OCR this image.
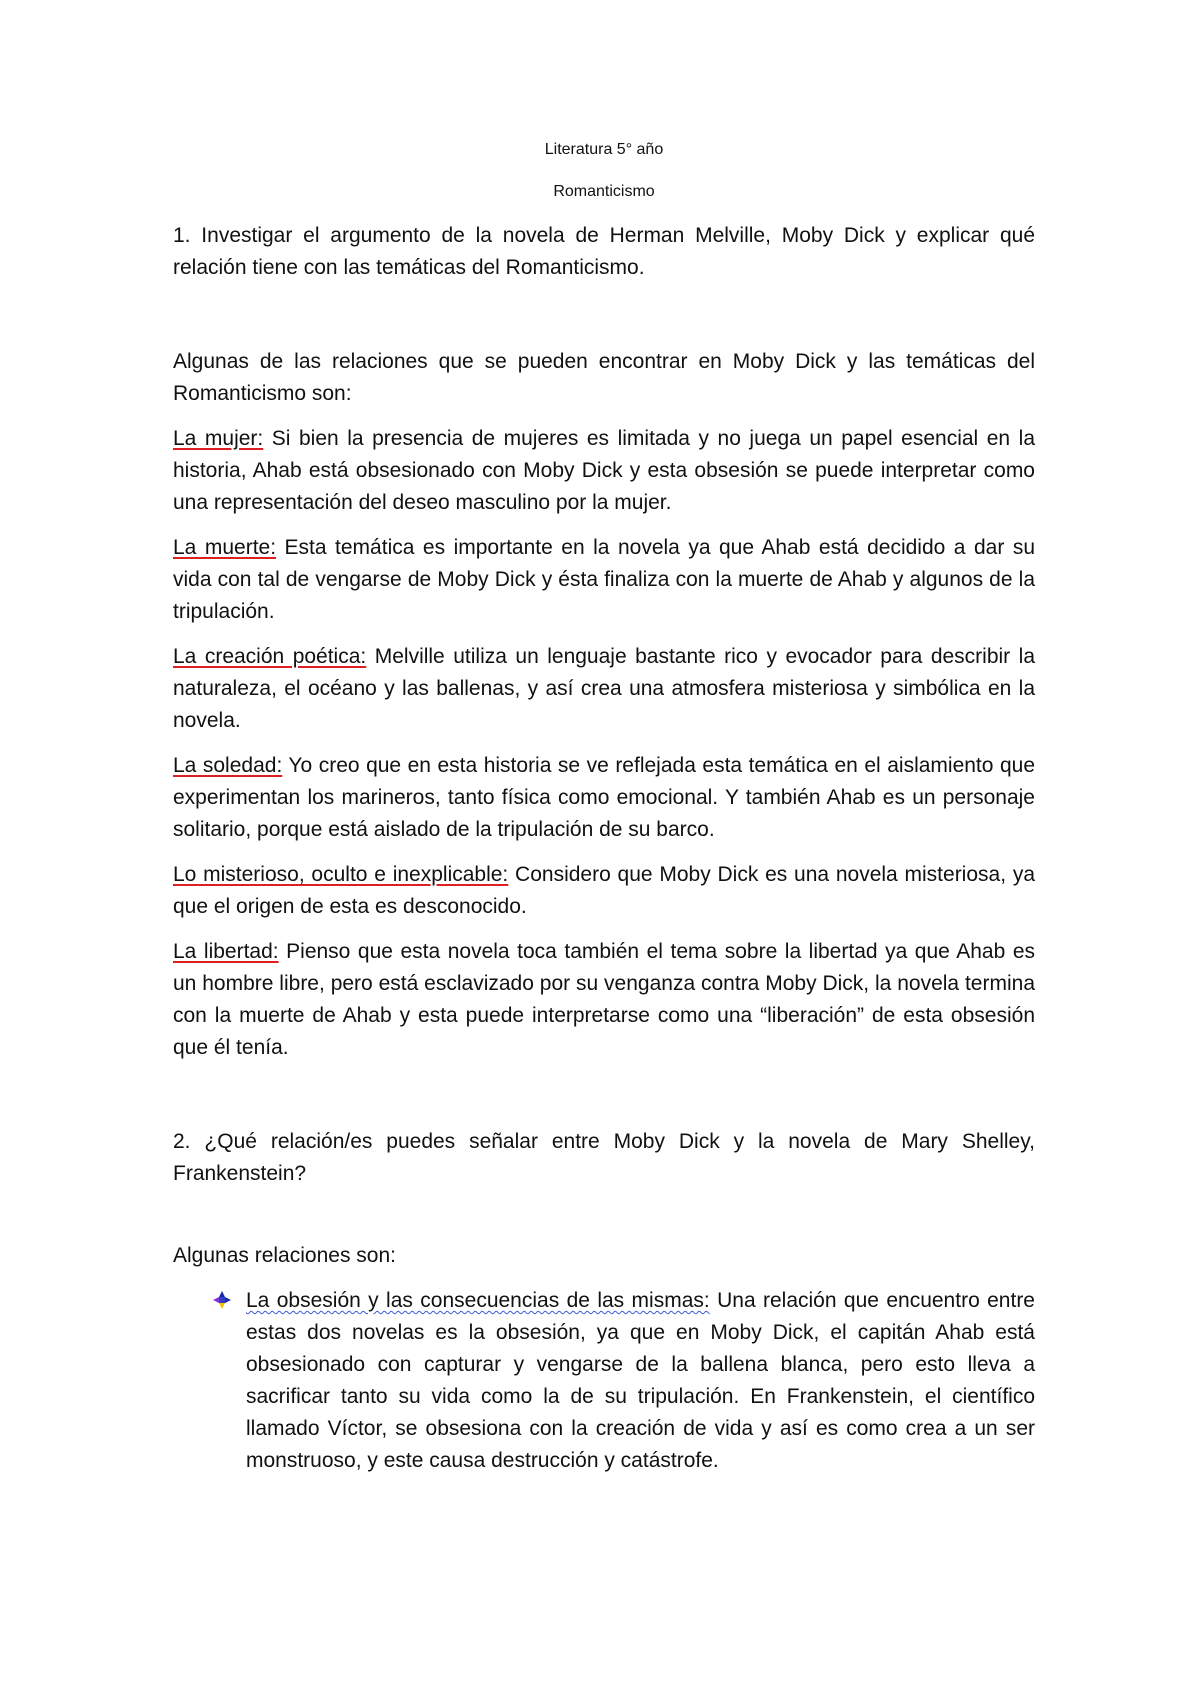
Literatura 5° año
Romanticismo

1. Investigar el argumento de la novela de Herman Melville, Moby Dick y explicar qué relación tiene con las temáticas del Romanticismo.

Algunas de las relaciones que se pueden encontrar en Moby Dick y las temáticas del Romanticismo son:

La mujer: Si bien la presencia de mujeres es limitada y no juega un papel esencial en la historia, Ahab está obsesionado con Moby Dick y esta obsesión se puede interpretar como una representación del deseo masculino por la mujer.

La muerte: Esta temática es importante en la novela ya que Ahab está decidido a dar su vida con tal de vengarse de Moby Dick y ésta finaliza con la muerte de Ahab y algunos de la tripulación.

La creación poética: Melville utiliza un lenguaje bastante rico y evocador para describir la naturaleza, el océano y las ballenas, y así crea una atmosfera misteriosa y simbólica en la novela.

La soledad: Yo creo que en esta historia se ve reflejada esta temática en el aislamiento que experimentan los marineros, tanto física como emocional. Y también Ahab es un personaje solitario, porque está aislado de la tripulación de su barco.

Lo misterioso, oculto e inexplicable: Considero que Moby Dick es una novela misteriosa, ya que el origen de esta es desconocido.

La libertad: Pienso que esta novela toca también el tema sobre la libertad ya que Ahab es un hombre libre, pero está esclavizado por su venganza contra Moby Dick, la novela termina con la muerte de Ahab y esta puede interpretarse como una “liberación” de esta obsesión que él tenía.

2. ¿Qué relación/es puedes señalar entre Moby Dick y la novela de Mary Shelley, Frankenstein?

Algunas relaciones son:

La obsesión y las consecuencias de las mismas: Una relación que encuentro entre estas dos novelas es la obsesión, ya que en Moby Dick, el capitán Ahab está obsesionado con capturar y vengarse de la ballena blanca, pero esto lleva a sacrificar tanto su vida como la de su tripulación. En Frankenstein, el científico llamado Víctor, se obsesiona con la creación de vida y así es como crea a un ser monstruoso, y este causa destrucción y catástrofe.
